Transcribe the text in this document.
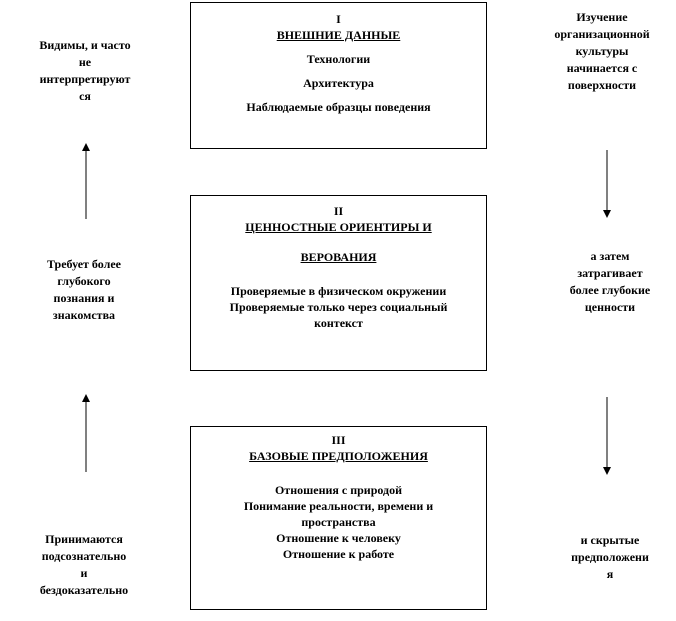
I
ВНЕШНИЕ ДАННЫЕ
Технологии
Архитектура
Наблюдаемые образцы поведения
II
ЦЕННОСТНЫЕ ОРИЕНТИРЫ И
ВЕРОВАНИЯ
Проверяемые в физическом окружении
Проверяемые только через социальный
контекст
III
БАЗОВЫЕ ПРЕДПОЛОЖЕНИЯ
Отношения с природой
Понимание реальности, времени и
пространства
Отношение к человеку
Отношение к работе
Видимы, и часто
не
интерпретируют
ся
Требует более
глубокого
познания и
знакомства
Принимаются
подсознательно
и
бездоказательно
Изучение
организационной
культуры
начинается с
поверхности
а затем
затрагивает
более глубокие
ценности
и скрытые
предположени
я
